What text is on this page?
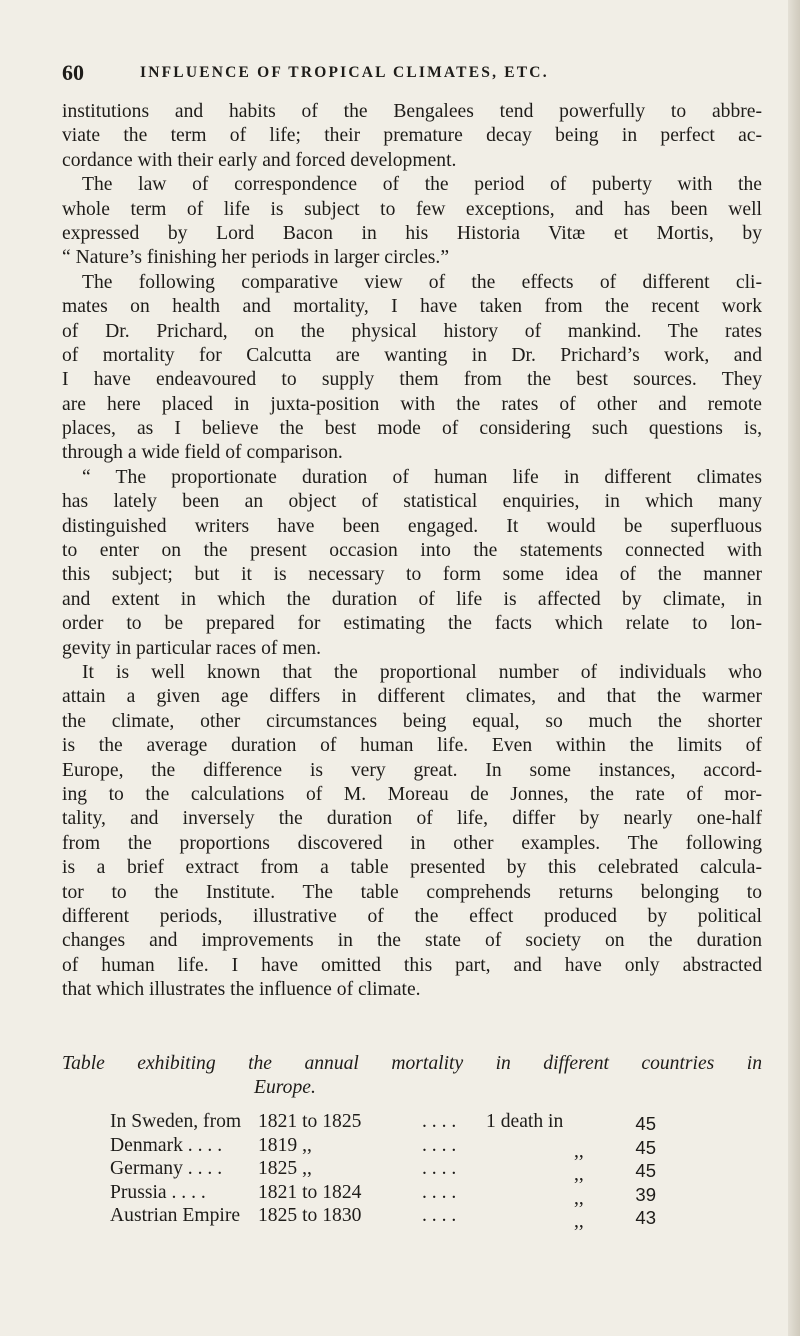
60	INFLUENCE OF TROPICAL CLIMATES, ETC.
institutions and habits of the Bengalees tend powerfully to abbre-
viate the term of life; their premature decay being in perfect ac-
cordance with their early and forced development.
The law of correspondence of the period of puberty with the
whole term of life is subject to few exceptions, and has been well
expressed by Lord Bacon in his Historia Vitæ et Mortis, by
“ Nature’s finishing her periods in larger circles.”
The following comparative view of the effects of different cli-
mates on health and mortality, I have taken from the recent work
of Dr. Prichard, on the physical history of mankind. The rates
of mortality for Calcutta are wanting in Dr. Prichard’s work, and
I have endeavoured to supply them from the best sources. They
are here placed in juxta-position with the rates of other and remote
places, as I believe the best mode of considering such questions is,
through a wide field of comparison.
“ The proportionate duration of human life in different climates
has lately been an object of statistical enquiries, in which many
distinguished writers have been engaged. It would be superfluous
to enter on the present occasion into the statements connected with
this subject; but it is necessary to form some idea of the manner
and extent in which the duration of life is affected by climate, in
order to be prepared for estimating the facts which relate to lon-
gevity in particular races of men.
It is well known that the proportional number of individuals who
attain a given age differs in different climates, and that the warmer
the climate, other circumstances being equal, so much the shorter
is the average duration of human life. Even within the limits of
Europe, the difference is very great. In some instances, accord-
ing to the calculations of M. Moreau de Jonnes, the rate of mor-
tality, and inversely the duration of life, differ by nearly one-half
from the proportions discovered in other examples. The following
is a brief extract from a table presented by this celebrated calcula-
tor to the Institute. The table comprehends returns belonging to
different periods, illustrative of the effect produced by political
changes and improvements in the state of society on the duration
of human life. I have omitted this part, and have only abstracted
that which illustrates the influence of climate.
Table exhibiting the annual mortality in different countries in
Europe.
In Sweden, from 1821 to 1825	. . . . 1 death in	45
Denmark . . . . 1819 ,,	. . . .	,,	45
Germany . . . . 1825 ,,	. . . .	,,	45
Prussia . . . .	1821 to 1824	. . . .	,,	39
Austrian Empire 1825 to 1830	. . . .	,,	43
